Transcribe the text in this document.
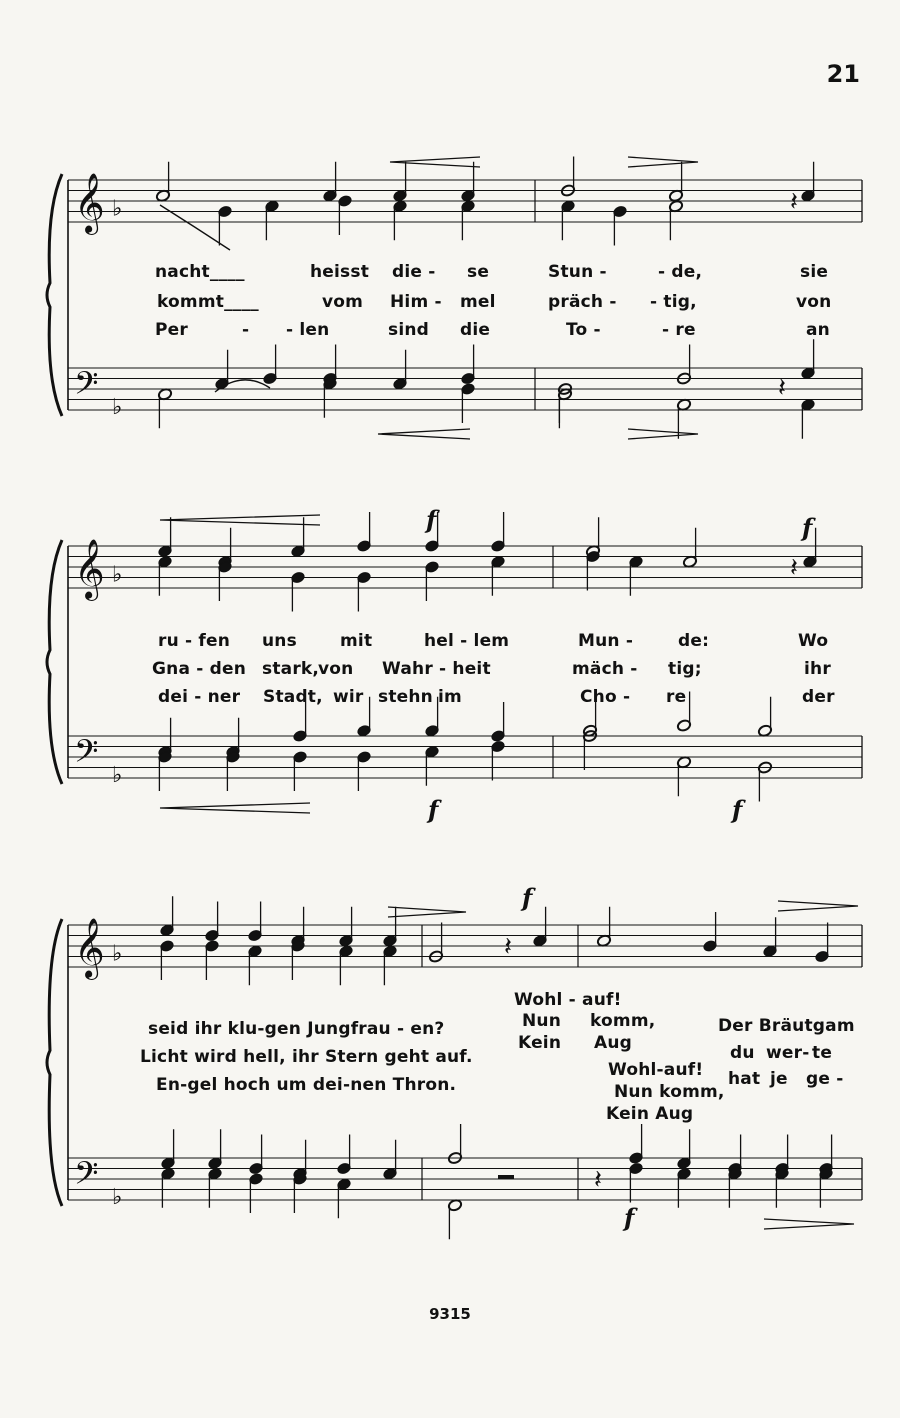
21
𝄞 ♭
𝄢 ♭
𝄞 ♭
𝄢 ♭
𝄞 ♭
𝄢 ♭
𝄽
𝄽
𝄽
𝄽
𝄽
f	f
f	f
f
f
nacht____	heisst die - se	Stun -	- de,	sie
kommt____	vom Him - mel	präch - - tig,	von
Per	- - len	sind die	To -	- re	an
ru - fen uns	mit	hel - lem	Mun -	de:	Wo
Gna - den stark,
von Wahr - heit	mäch - tig;	ihr
dei - ner Stadt, wir stehn im	Cho - re	der
seid ihr klu-gen Jungfrau - en?
Licht wird hell, ihr Stern geht auf.
En-gel hoch um dei-nen Thron.
Wohl - auf!
Nun komm,
Kein Aug
Wohl-auf!
Nun komm,
Kein Aug
Der Bräutgam
du wer- te
hat je ge -
9315
